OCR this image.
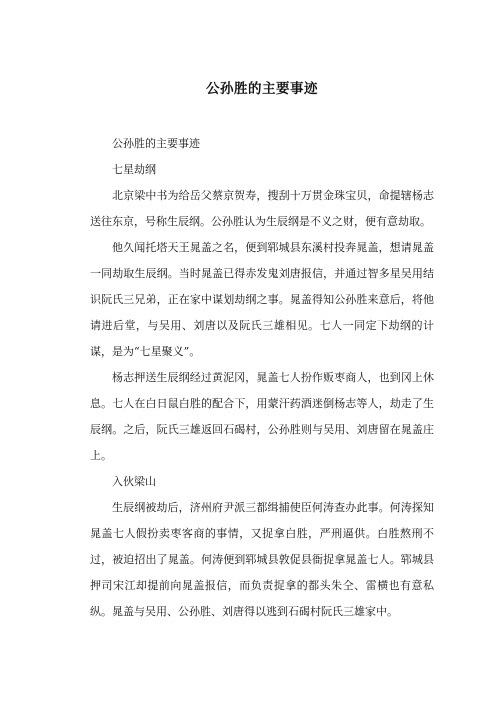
公孙胜的主要事迹

公孙胜的主要事迹

七星劫纲

北京梁中书为给岳父蔡京贺寿，搜刮十万贯金珠宝贝，命提辖杨志送往东京，号称生辰纲。公孙胜认为生辰纲是不义之财，便有意劫取。

他久闻托塔天王晁盖之名，便到郓城县东溪村投奔晁盖，想请晁盖一同劫取生辰纲。当时晁盖已得赤发鬼刘唐报信，并通过智多星吴用结识阮氏三兄弟，正在家中谋划劫纲之事。晁盖得知公孙胜来意后，将他请进后堂，与吴用、刘唐以及阮氏三雄相见。七人一同定下劫纲的计谋，是为“七星聚义”。

杨志押送生辰纲经过黄泥冈，晁盖七人扮作贩枣商人，也到冈上休息。七人在白日鼠白胜的配合下，用蒙汗药酒迷倒杨志等人，劫走了生辰纲。之后，阮氏三雄返回石碣村，公孙胜则与吴用、刘唐留在晁盖庄上。

入伙梁山

生辰纲被劫后，济州府尹派三都缉捕使臣何涛查办此事。何涛探知晁盖七人假扮卖枣客商的事情，又捉拿白胜，严刑逼供。白胜熬刑不过，被迫招出了晁盖。何涛便到郓城县敦促县衙捉拿晁盖七人。郓城县押司宋江却提前向晁盖报信，而负责捉拿的都头朱仝、雷横也有意私纵。晁盖与吴用、公孙胜、刘唐得以逃到石碣村阮氏三雄家中。
